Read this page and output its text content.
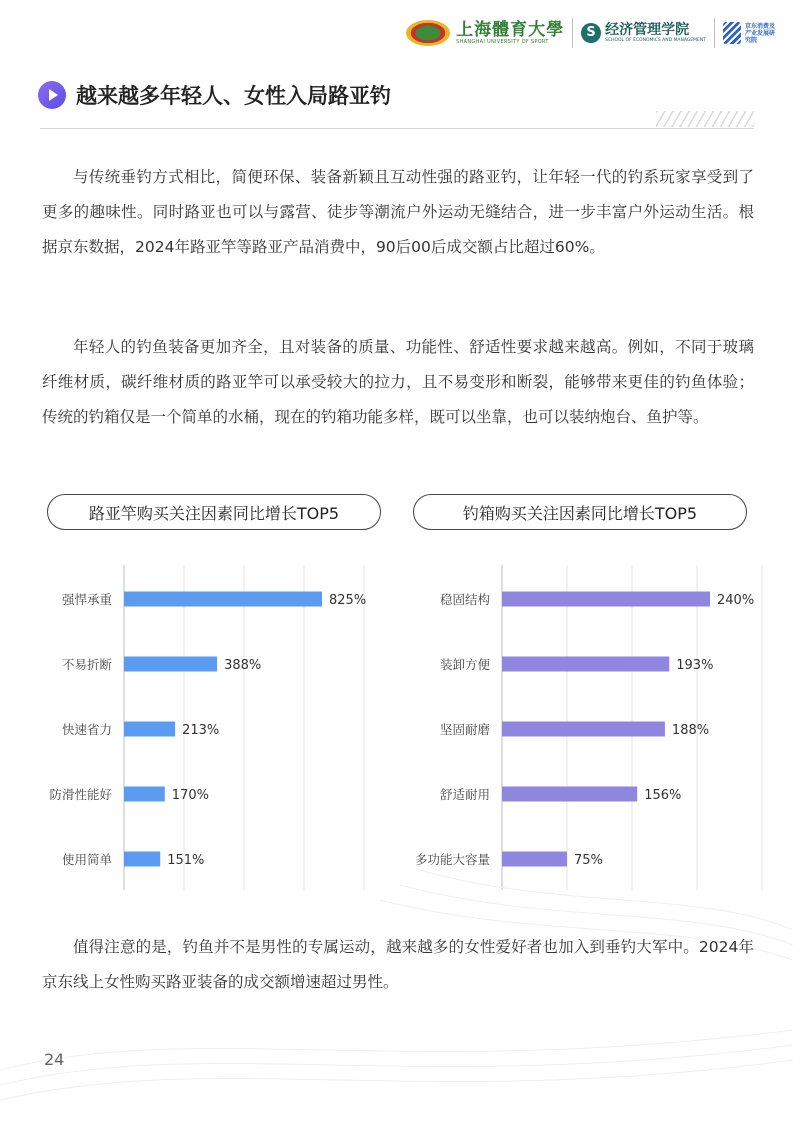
上海體育大學
SHANGHAI UNIVERSITY OF SPORT
S 经济管理学院
SCHOOL OF ECONOMICS AND MANAGEMENT
京东消费及产业发展研究院
越来越多年轻人、女性入局路亚钓

与传统垂钓方式相比，简便环保、装备新颖且互动性强的路亚钓，让年轻一代的钓系玩家享受到了更多的趣味性。同时路亚也可以与露营、徒步等潮流户外运动无缝结合，进一步丰富户外运动生活。根据京东数据，2024年路亚竿等路亚产品消费中，90后00后成交额占比超过60%。

年轻人的钓鱼装备更加齐全，且对装备的质量、功能性、舒适性要求越来越高。例如，不同于玻璃纤维材质，碳纤维材质的路亚竿可以承受较大的拉力，且不易变形和断裂，能够带来更佳的钓鱼体验；传统的钓箱仅是一个简单的水桶，现在的钓箱功能多样，既可以坐靠，也可以装纳炮台、鱼护等。

路亚竿购买关注因素同比增长TOP5	钓箱购买关注因素同比增长TOP5
强悍承重	825%
不易折断	388%
快速省力	213%
防滑性能好	170%
使用简单	151%
稳固结构	240%
装卸方便	193%
坚固耐磨	188%
舒适耐用	156%
多功能大容量	75%

值得注意的是，钓鱼并不是男性的专属运动，越来越多的女性爱好者也加入到垂钓大军中。2024年京东线上女性购买路亚装备的成交额增速超过男性。

24
